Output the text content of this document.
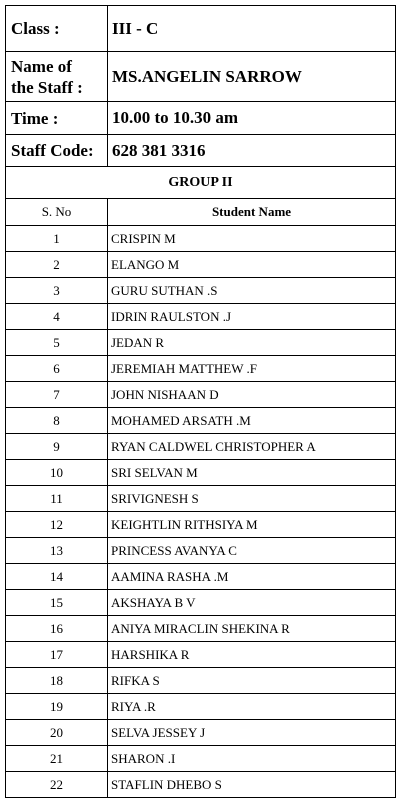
Class :	III - C

Name of
the Staff :	MS.ANGELIN SARROW
Time :	10.00 to 10.30 am
Staff Code:	628 381 3316
GROUP II	
S. No	Student Name
1	CRISPIN M
2	ELANGO M
3	GURU SUTHAN .S
4	IDRIN RAULSTON .J
5	JEDAN R
6	JEREMIAH MATTHEW .F
7	JOHN NISHAAN D
8	MOHAMED ARSATH .M
9	RYAN CALDWEL CHRISTOPHER A
10	SRI SELVAN M
11	SRIVIGNESH S
12	KEIGHTLIN RITHSIYA M
13	PRINCESS AVANYA C
14	AAMINA RASHA .M
15	AKSHAYA B V
16	ANIYA MIRACLIN SHEKINA R
17	HARSHIKA R
18	RIFKA S
19	RIYA .R
20	SELVA JESSEY J
21	SHARON .I
22	STAFLIN DHEBO S
